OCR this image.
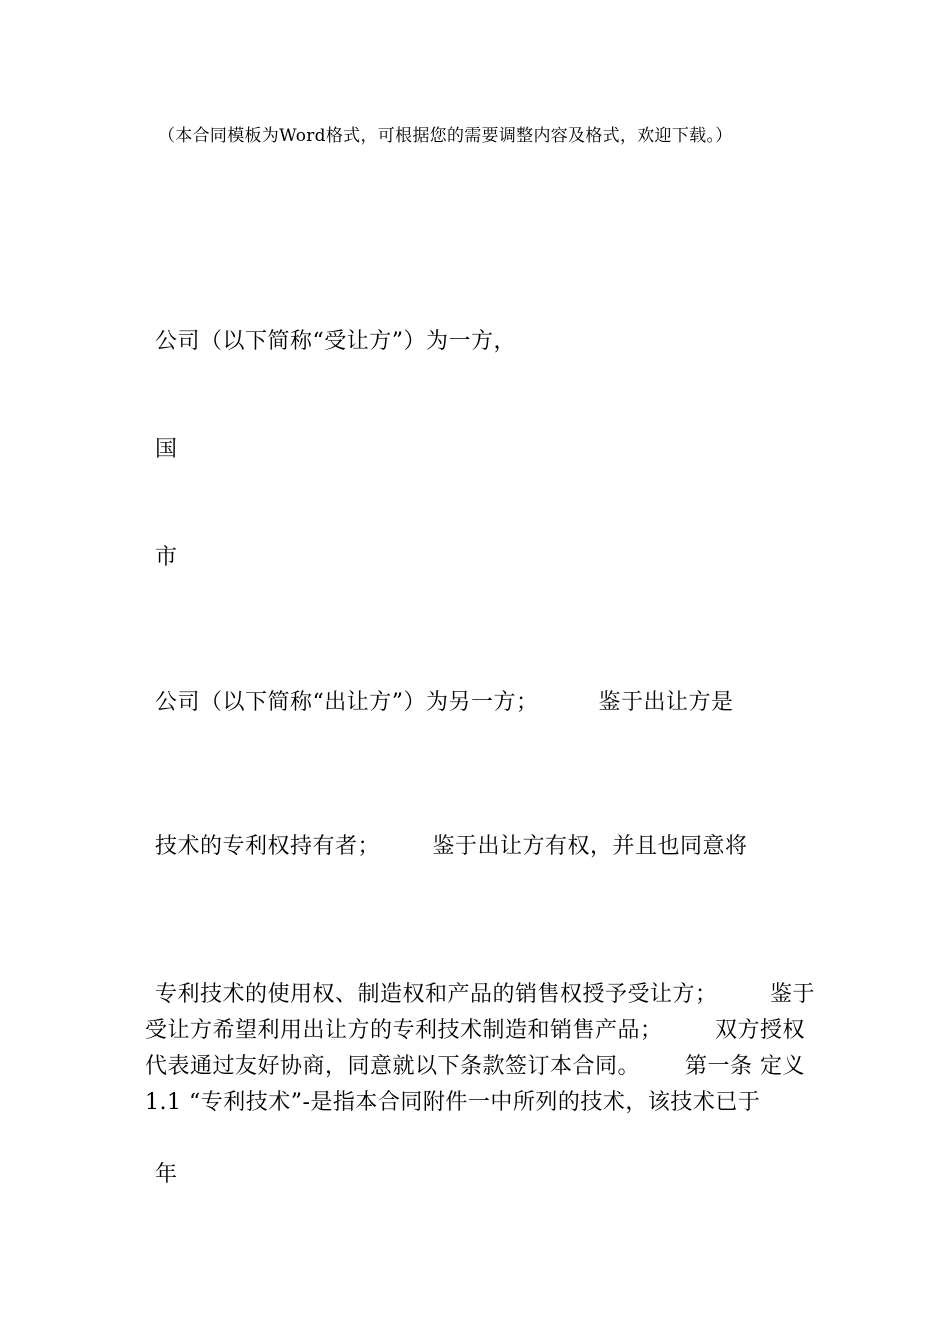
（本合同模板为Word格式，可根据您的需要调整内容及格式，欢迎下载。）
公司（以下简称“受让方”）为一方，
国
市
公司（以下简称“出让方”）为另一方；        鉴于出让方是
技术的专利权持有者；       鉴于出让方有权，并且也同意将
专利技术的使用权、制造权和产品的销售权授予受让方；       鉴于
受让方希望利用出让方的专利技术制造和销售产品；       双方授权
代表通过友好协商，同意就以下条款签订本合同。      第一条 定义
1.1 “专利技术”-是指本合同附件一中所列的技术，该技术已于
年
